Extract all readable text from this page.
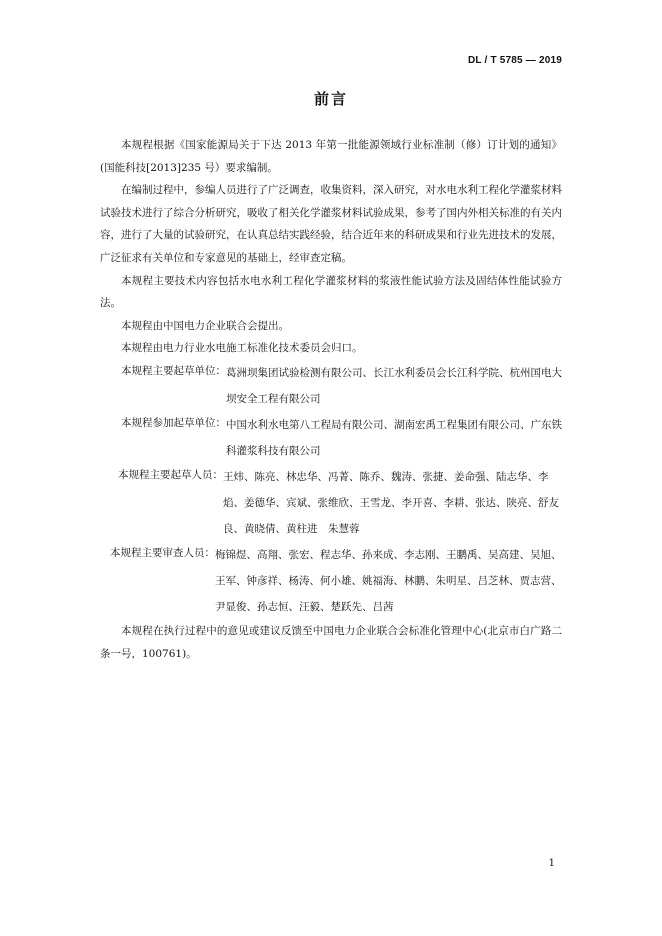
DL / T 5785 — 2019
前言

本规程根据《国家能源局关于下达 2013 年第一批能源领域行业标准制（修）订计划的通知》(国能科技[2013]235 号）要求编制。

在编制过程中，参编人员进行了广泛调查，收集资料，深入研究，对水电水利工程化学灌浆材料试验技术进行了综合分析研究，吸收了相关化学灌浆材料试验成果，参考了国内外相关标准的有关内容，进行了大量的试验研究，在认真总结实践经验，结合近年来的科研成果和行业先进技术的发展，广泛征求有关单位和专家意见的基础上，经审查定稿。

本规程主要技术内容包括水电水利工程化学灌浆材料的浆液性能试验方法及固结体性能试验方法。

本规程由中国电力企业联合会提出。

本规程由电力行业水电施工标准化技术委员会归口。

本规程主要起草单位： 葛洲坝集团试验检测有限公司、长江水利委员会长江科学院、杭州国电大坝安全工程有限公司
本规程参加起草单位： 中国水利水电第八工程局有限公司、湖南宏禹工程集团有限公司、广东铁科灌浆科技有限公司
本规程主要起草人员： 王炜、陈亮、林忠华、冯菁、陈乔、魏涛、张捷、姜命强、陆志华、李焰、姜德华、宾斌、张维欣、王雪龙、李开喜、李耕、张达、陕亮、舒友良、黄晓倩、黄柱进　朱慧蓉
本规程主要审查人员： 梅锦煜、高翔、张宏、程志华、孙来成、李志刚、王鹏禹、吴高建、吴旭、王军、钟彦祥、杨涛、何小雄、姚福海、林鹏、朱明星、吕芝林、贾志营、尹显俊、孙志恒、汪毅、楚跃先、吕茜

本规程在执行过程中的意见或建议反馈至中国电力企业联合会标准化管理中心(北京市白广路二条一号，100761)。

1
